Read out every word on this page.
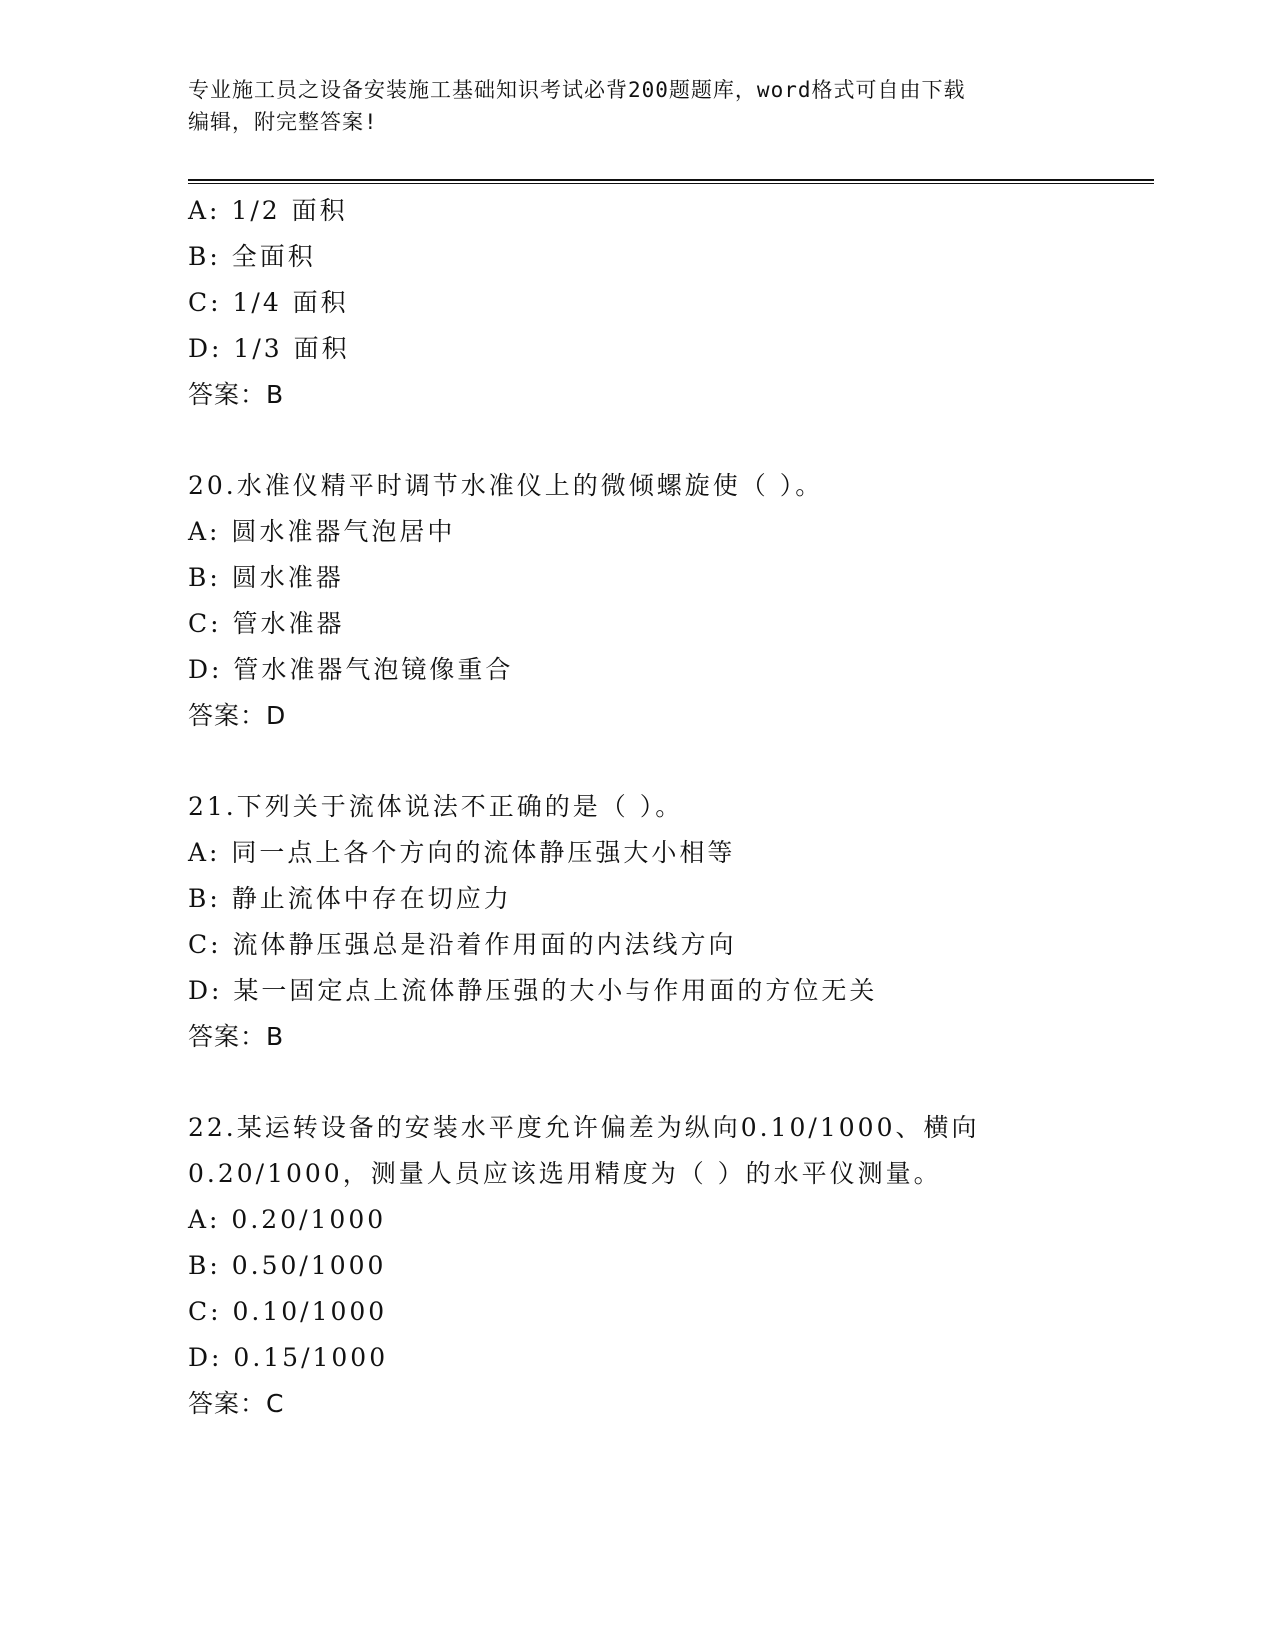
专业施工员之设备安装施工基础知识考试必背200题题库，word格式可自由下载
编辑，附完整答案!
A: 1/2 面积
B: 全面积
C: 1/4 面积
D: 1/3 面积
答案：B
20.水准仪精平时调节水准仪上的微倾螺旋使（ ）。
A: 圆水准器气泡居中
B: 圆水准器
C: 管水准器
D: 管水准器气泡镜像重合
答案：D
21.下列关于流体说法不正确的是（ ）。
A: 同一点上各个方向的流体静压强大小相等
B: 静止流体中存在切应力
C: 流体静压强总是沿着作用面的内法线方向
D: 某一固定点上流体静压强的大小与作用面的方位无关
答案：B
22.某运转设备的安装水平度允许偏差为纵向0.10/1000、横向
0.20/1000，测量人员应该选用精度为（ ）的水平仪测量。
A: 0.20/1000
B: 0.50/1000
C: 0.10/1000
D: 0.15/1000
答案：C
